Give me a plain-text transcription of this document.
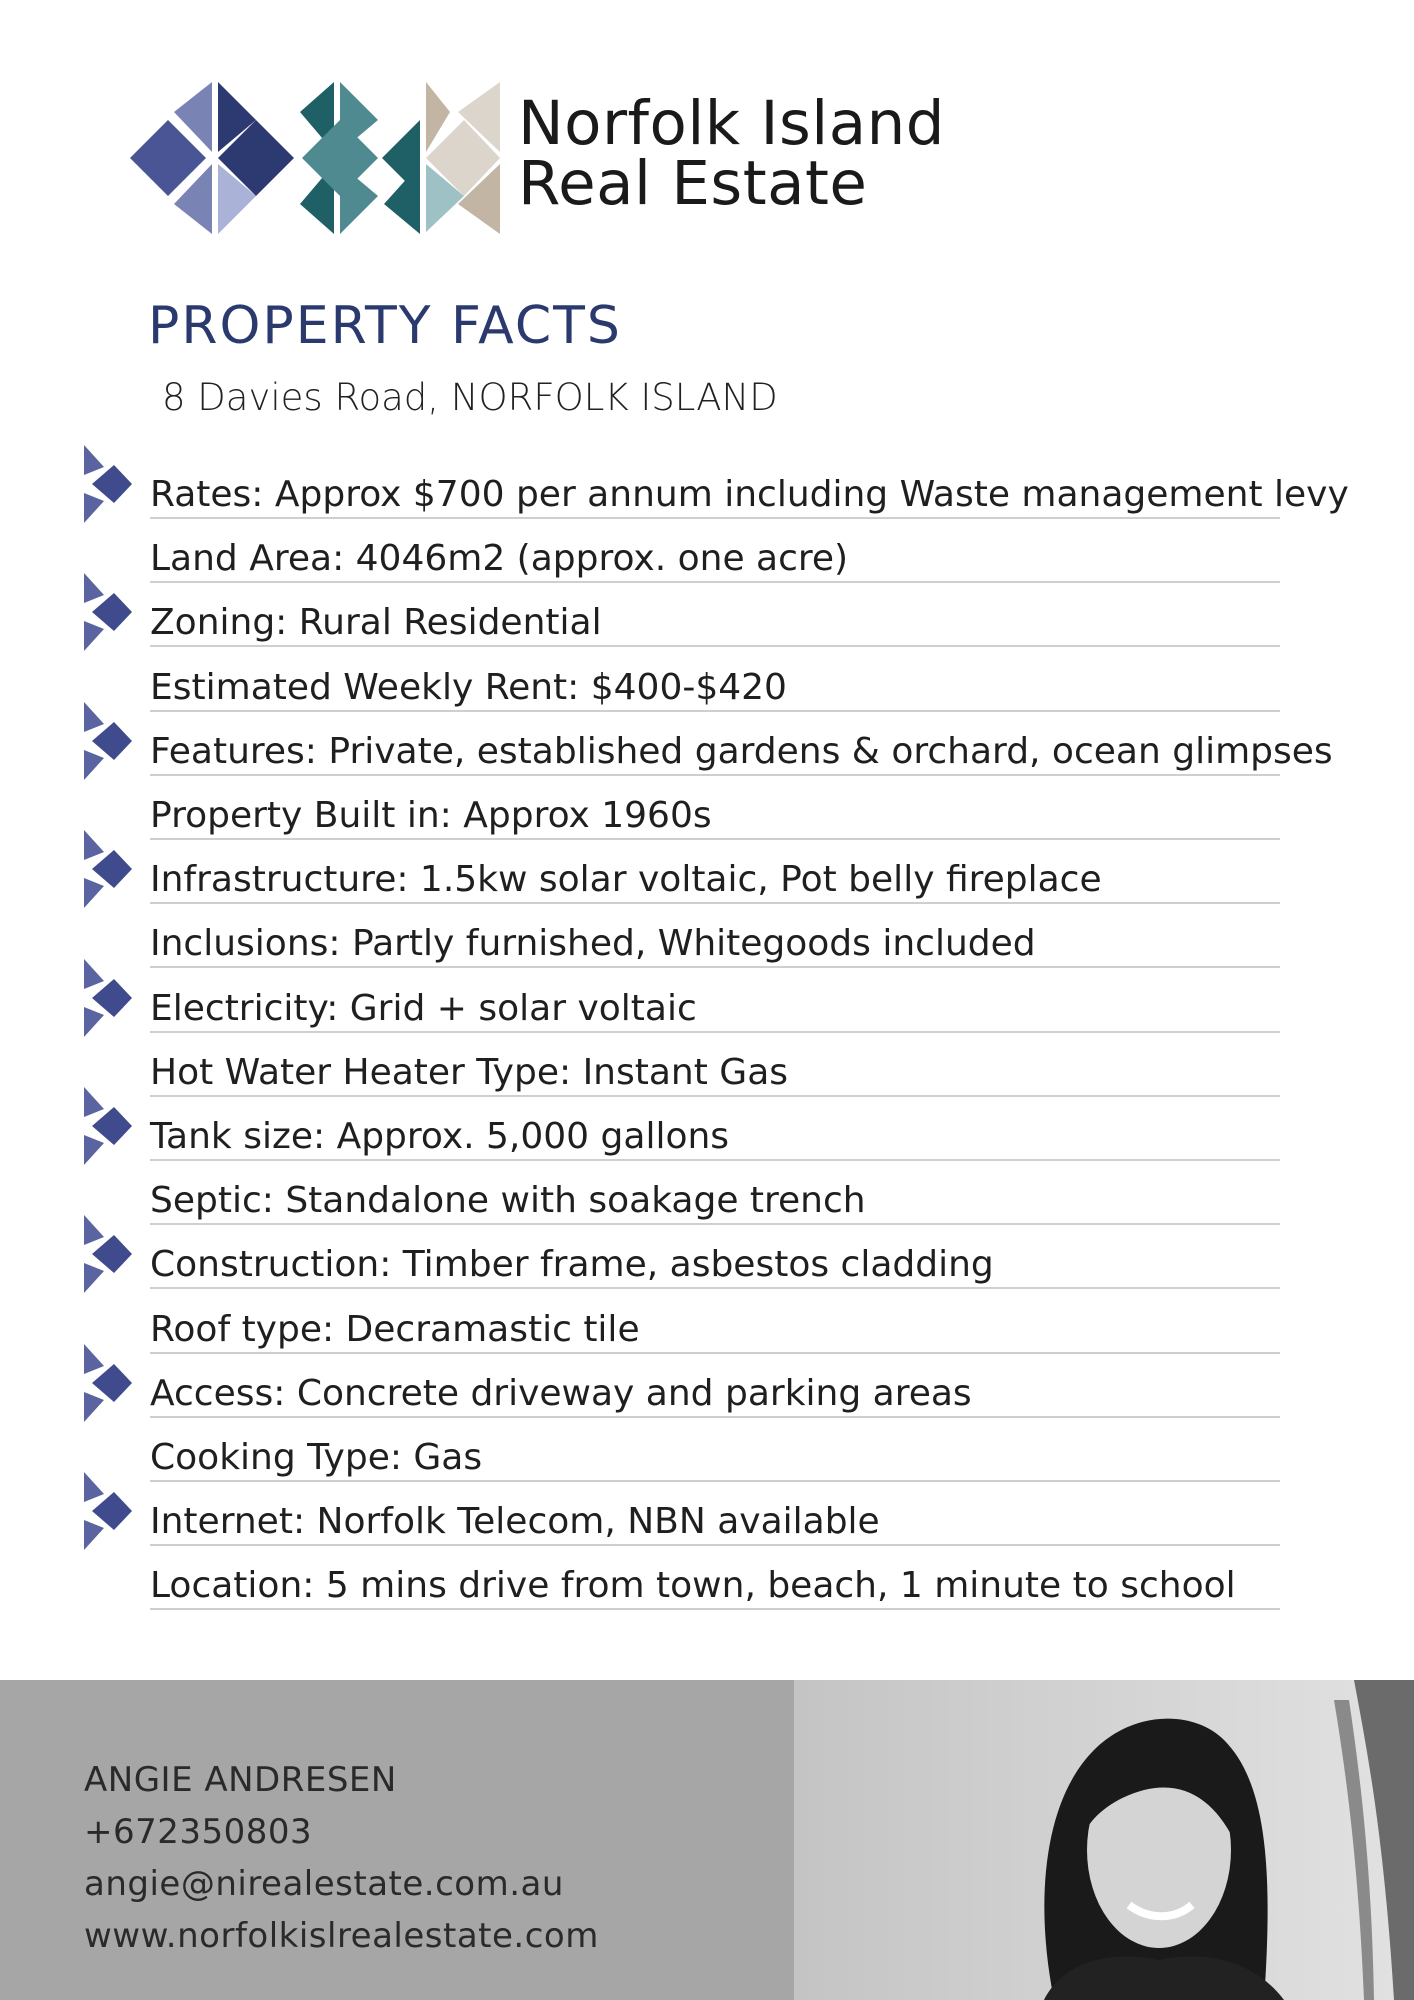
Norfolk Island
Real Estate
PROPERTY FACTS
8 Davies Road, NORFOLK ISLAND
Rates: Approx $700 per annum including Waste management levy
Land Area: 4046m2 (approx. one acre)
Zoning: Rural Residential
Estimated Weekly Rent: $400-$420
Features: Private, established gardens & orchard, ocean glimpses
Property Built in: Approx 1960s
Infrastructure: 1.5kw solar voltaic, Pot belly fireplace
Inclusions: Partly furnished, Whitegoods included
Electricity: Grid + solar voltaic
Hot Water Heater Type: Instant Gas
Tank size: Approx. 5,000 gallons
Septic: Standalone with soakage trench
Construction: Timber frame, asbestos cladding
Roof type: Decramastic tile
Access: Concrete driveway and parking areas
Cooking Type: Gas
Internet: Norfolk Telecom, NBN available
Location: 5 mins drive from town, beach, 1 minute to school
ANGIE ANDRESEN
+672350803
angie@nirealestate.com.au
www.norfolkislrealestate.com
